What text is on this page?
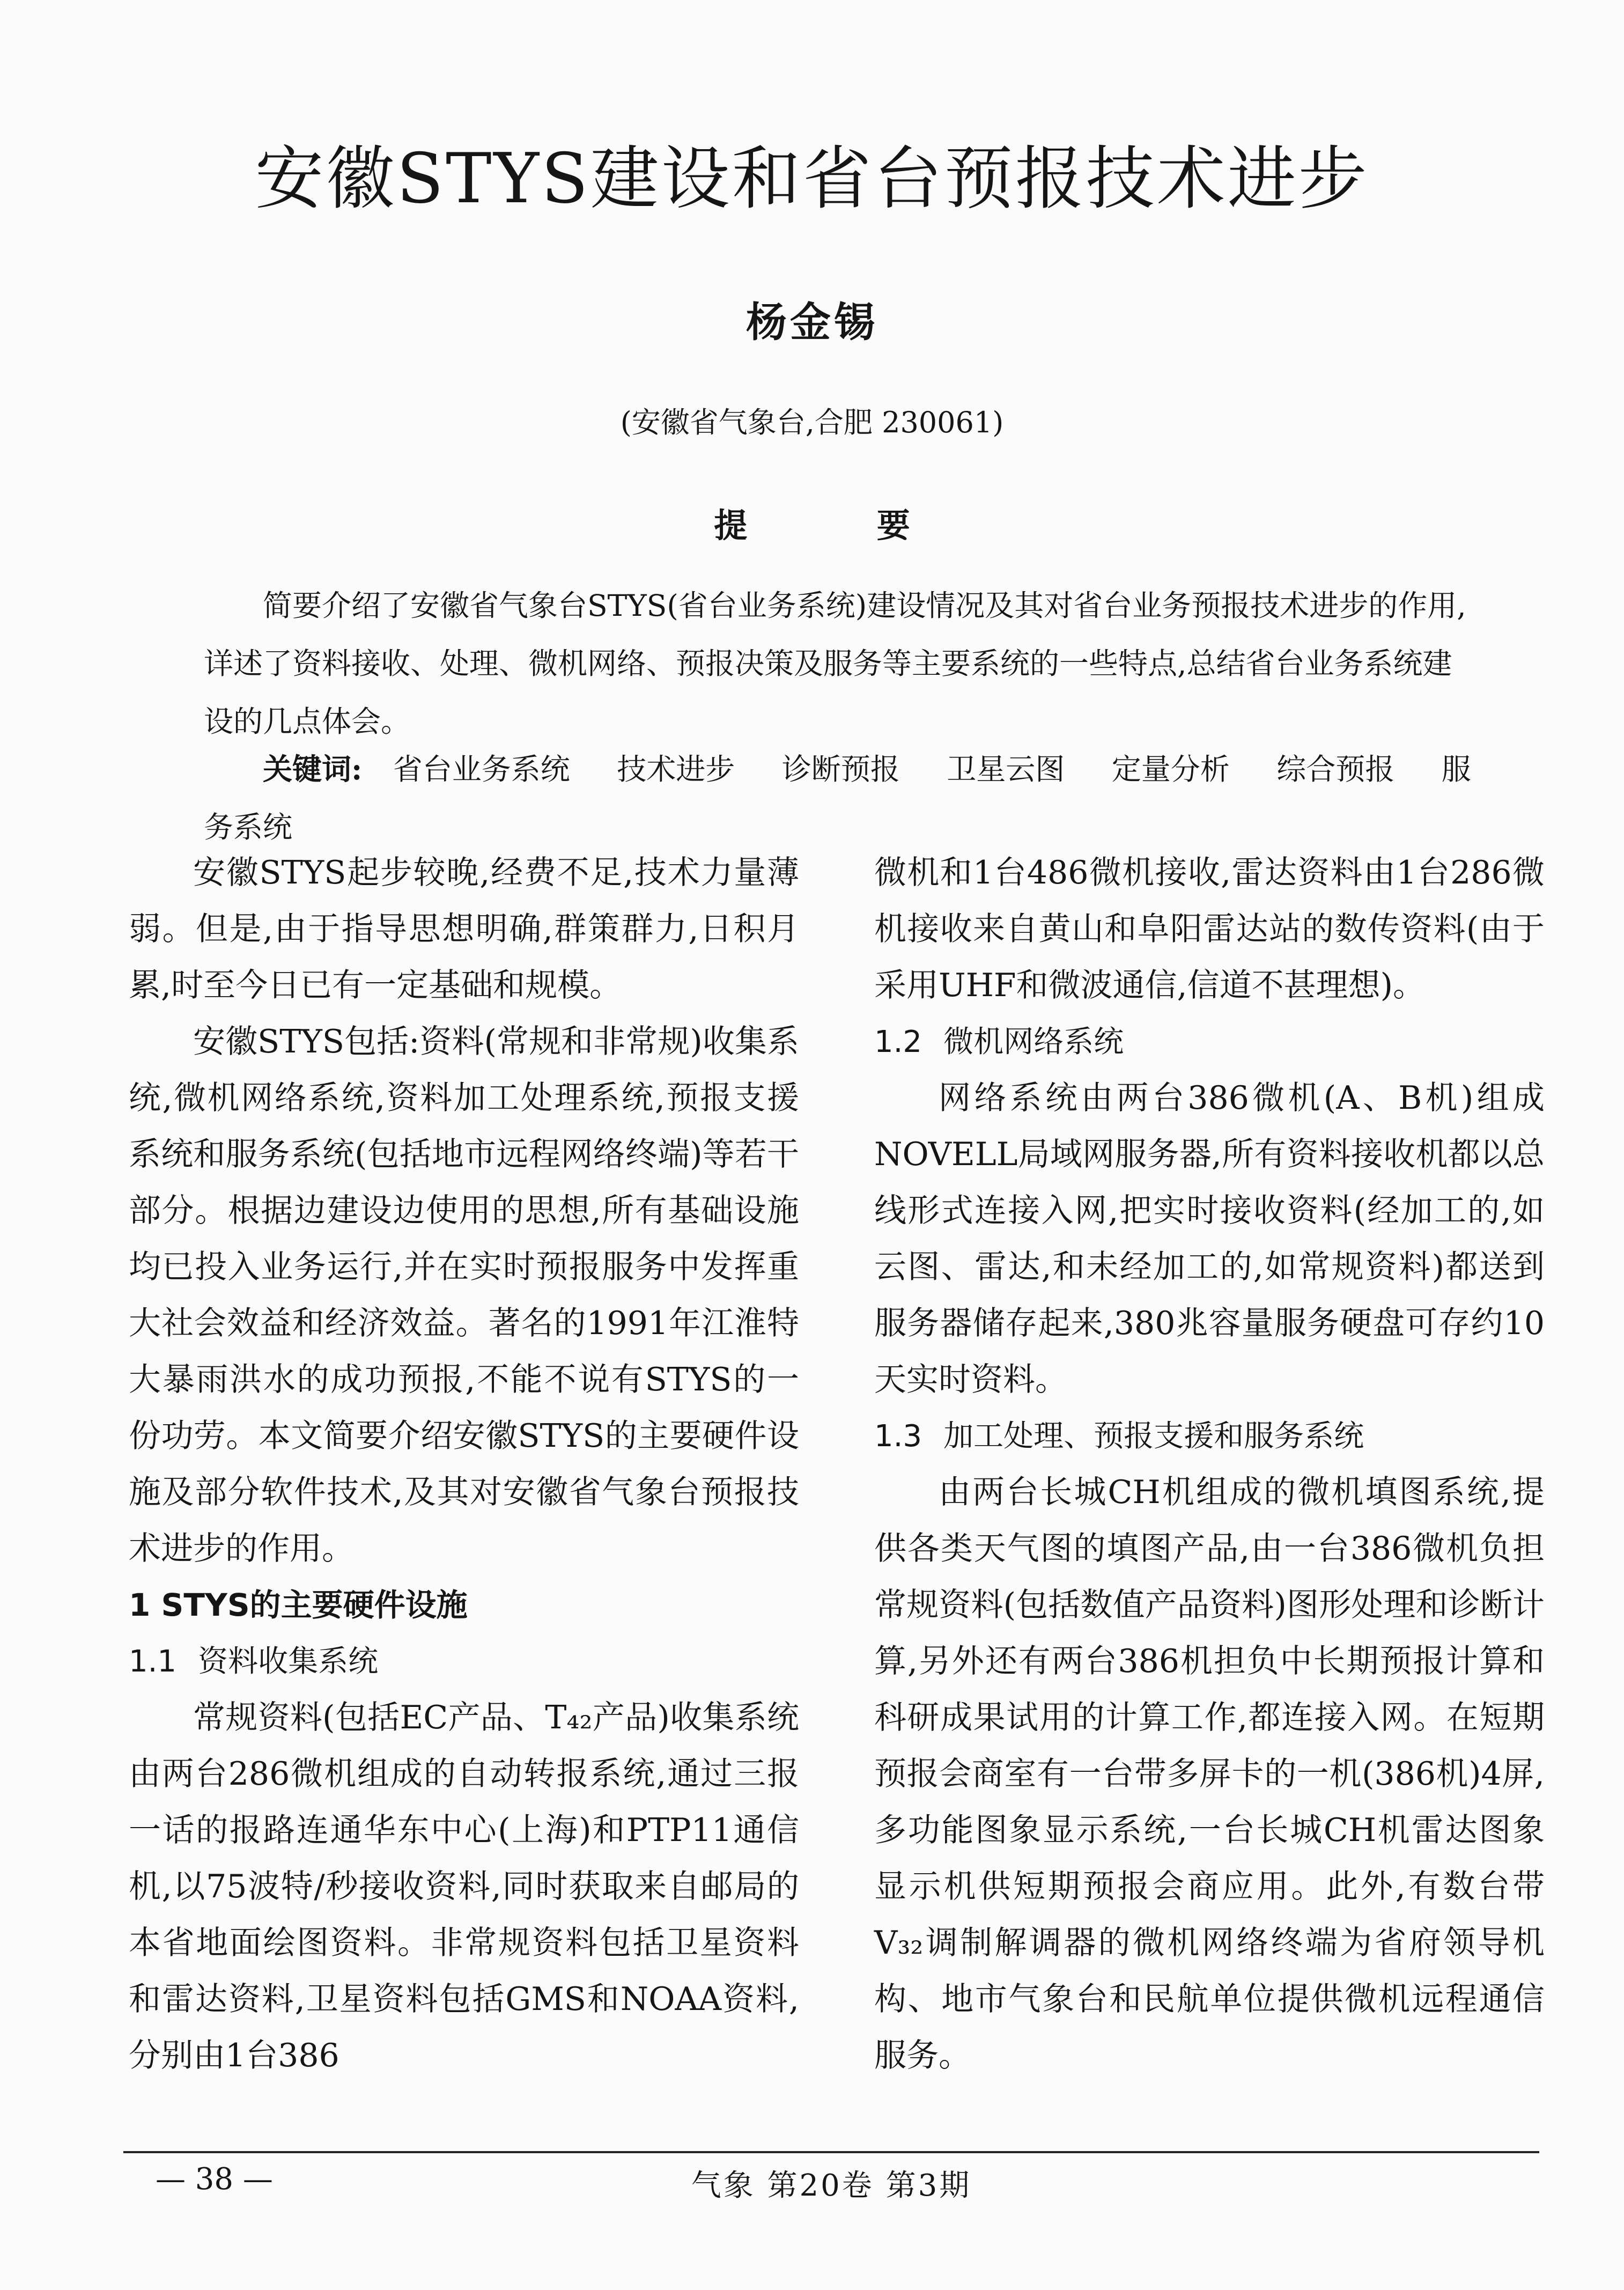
安徽STYS建设和省台预报技术进步
杨金锡
(安徽省气象台,合肥 230061)
提 要
简要介绍了安徽省气象台STYS(省台业务系统)建设情况及其对省台业务预报技术进步的作用,详述了资料接收、处理、微机网络、预报决策及服务等主要系统的一些特点,总结省台业务系统建设的几点体会。
关键词: 省台业务系统 技术进步 诊断预报 卫星云图 定量分析 综合预报 服务系统

安徽STYS起步较晚,经费不足,技术力量薄弱。但是,由于指导思想明确,群策群力,日积月累,时至今日已有一定基础和规模。

安徽STYS包括:资料(常规和非常规)收集系统,微机网络系统,资料加工处理系统,预报支援系统和服务系统(包括地市远程网络终端)等若干部分。根据边建设边使用的思想,所有基础设施均已投入业务运行,并在实时预报服务中发挥重大社会效益和经济效益。著名的1991年江淮特大暴雨洪水的成功预报,不能不说有STYS的一份功劳。本文简要介绍安徽STYS的主要硬件设施及部分软件技术,及其对安徽省气象台预报技术进步的作用。

1 STYS的主要硬件设施

1.1 资料收集系统

常规资料(包括EC产品、T₄₂产品)收集系统由两台286微机组成的自动转报系统,通过三报一话的报路连通华东中心(上海)和PTP11通信机,以75波特/秒接收资料,同时获取来自邮局的本省地面绘图资料。非常规资料包括卫星资料和雷达资料,卫星资料包括GMS和NOAA资料,分别由1台386

微机和1台486微机接收,雷达资料由1台286微机接收来自黄山和阜阳雷达站的数传资料(由于采用UHF和微波通信,信道不甚理想)。

1.2 微机网络系统

网络系统由两台386微机(A、B机)组成NOVELL局域网服务器,所有资料接收机都以总线形式连接入网,把实时接收资料(经加工的,如云图、雷达,和未经加工的,如常规资料)都送到服务器储存起来,380兆容量服务硬盘可存约10天实时资料。

1.3 加工处理、预报支援和服务系统

由两台长城CH机组成的微机填图系统,提供各类天气图的填图产品,由一台386微机负担常规资料(包括数值产品资料)图形处理和诊断计算,另外还有两台386机担负中长期预报计算和科研成果试用的计算工作,都连接入网。在短期预报会商室有一台带多屏卡的一机(386机)4屏,多功能图象显示系统,一台长城CH机雷达图象显示机供短期预报会商应用。此外,有数台带V₃₂调制解调器的微机网络终端为省府领导机构、地市气象台和民航单位提供微机远程通信服务。

— 38 —	气象 第20卷 第3期
